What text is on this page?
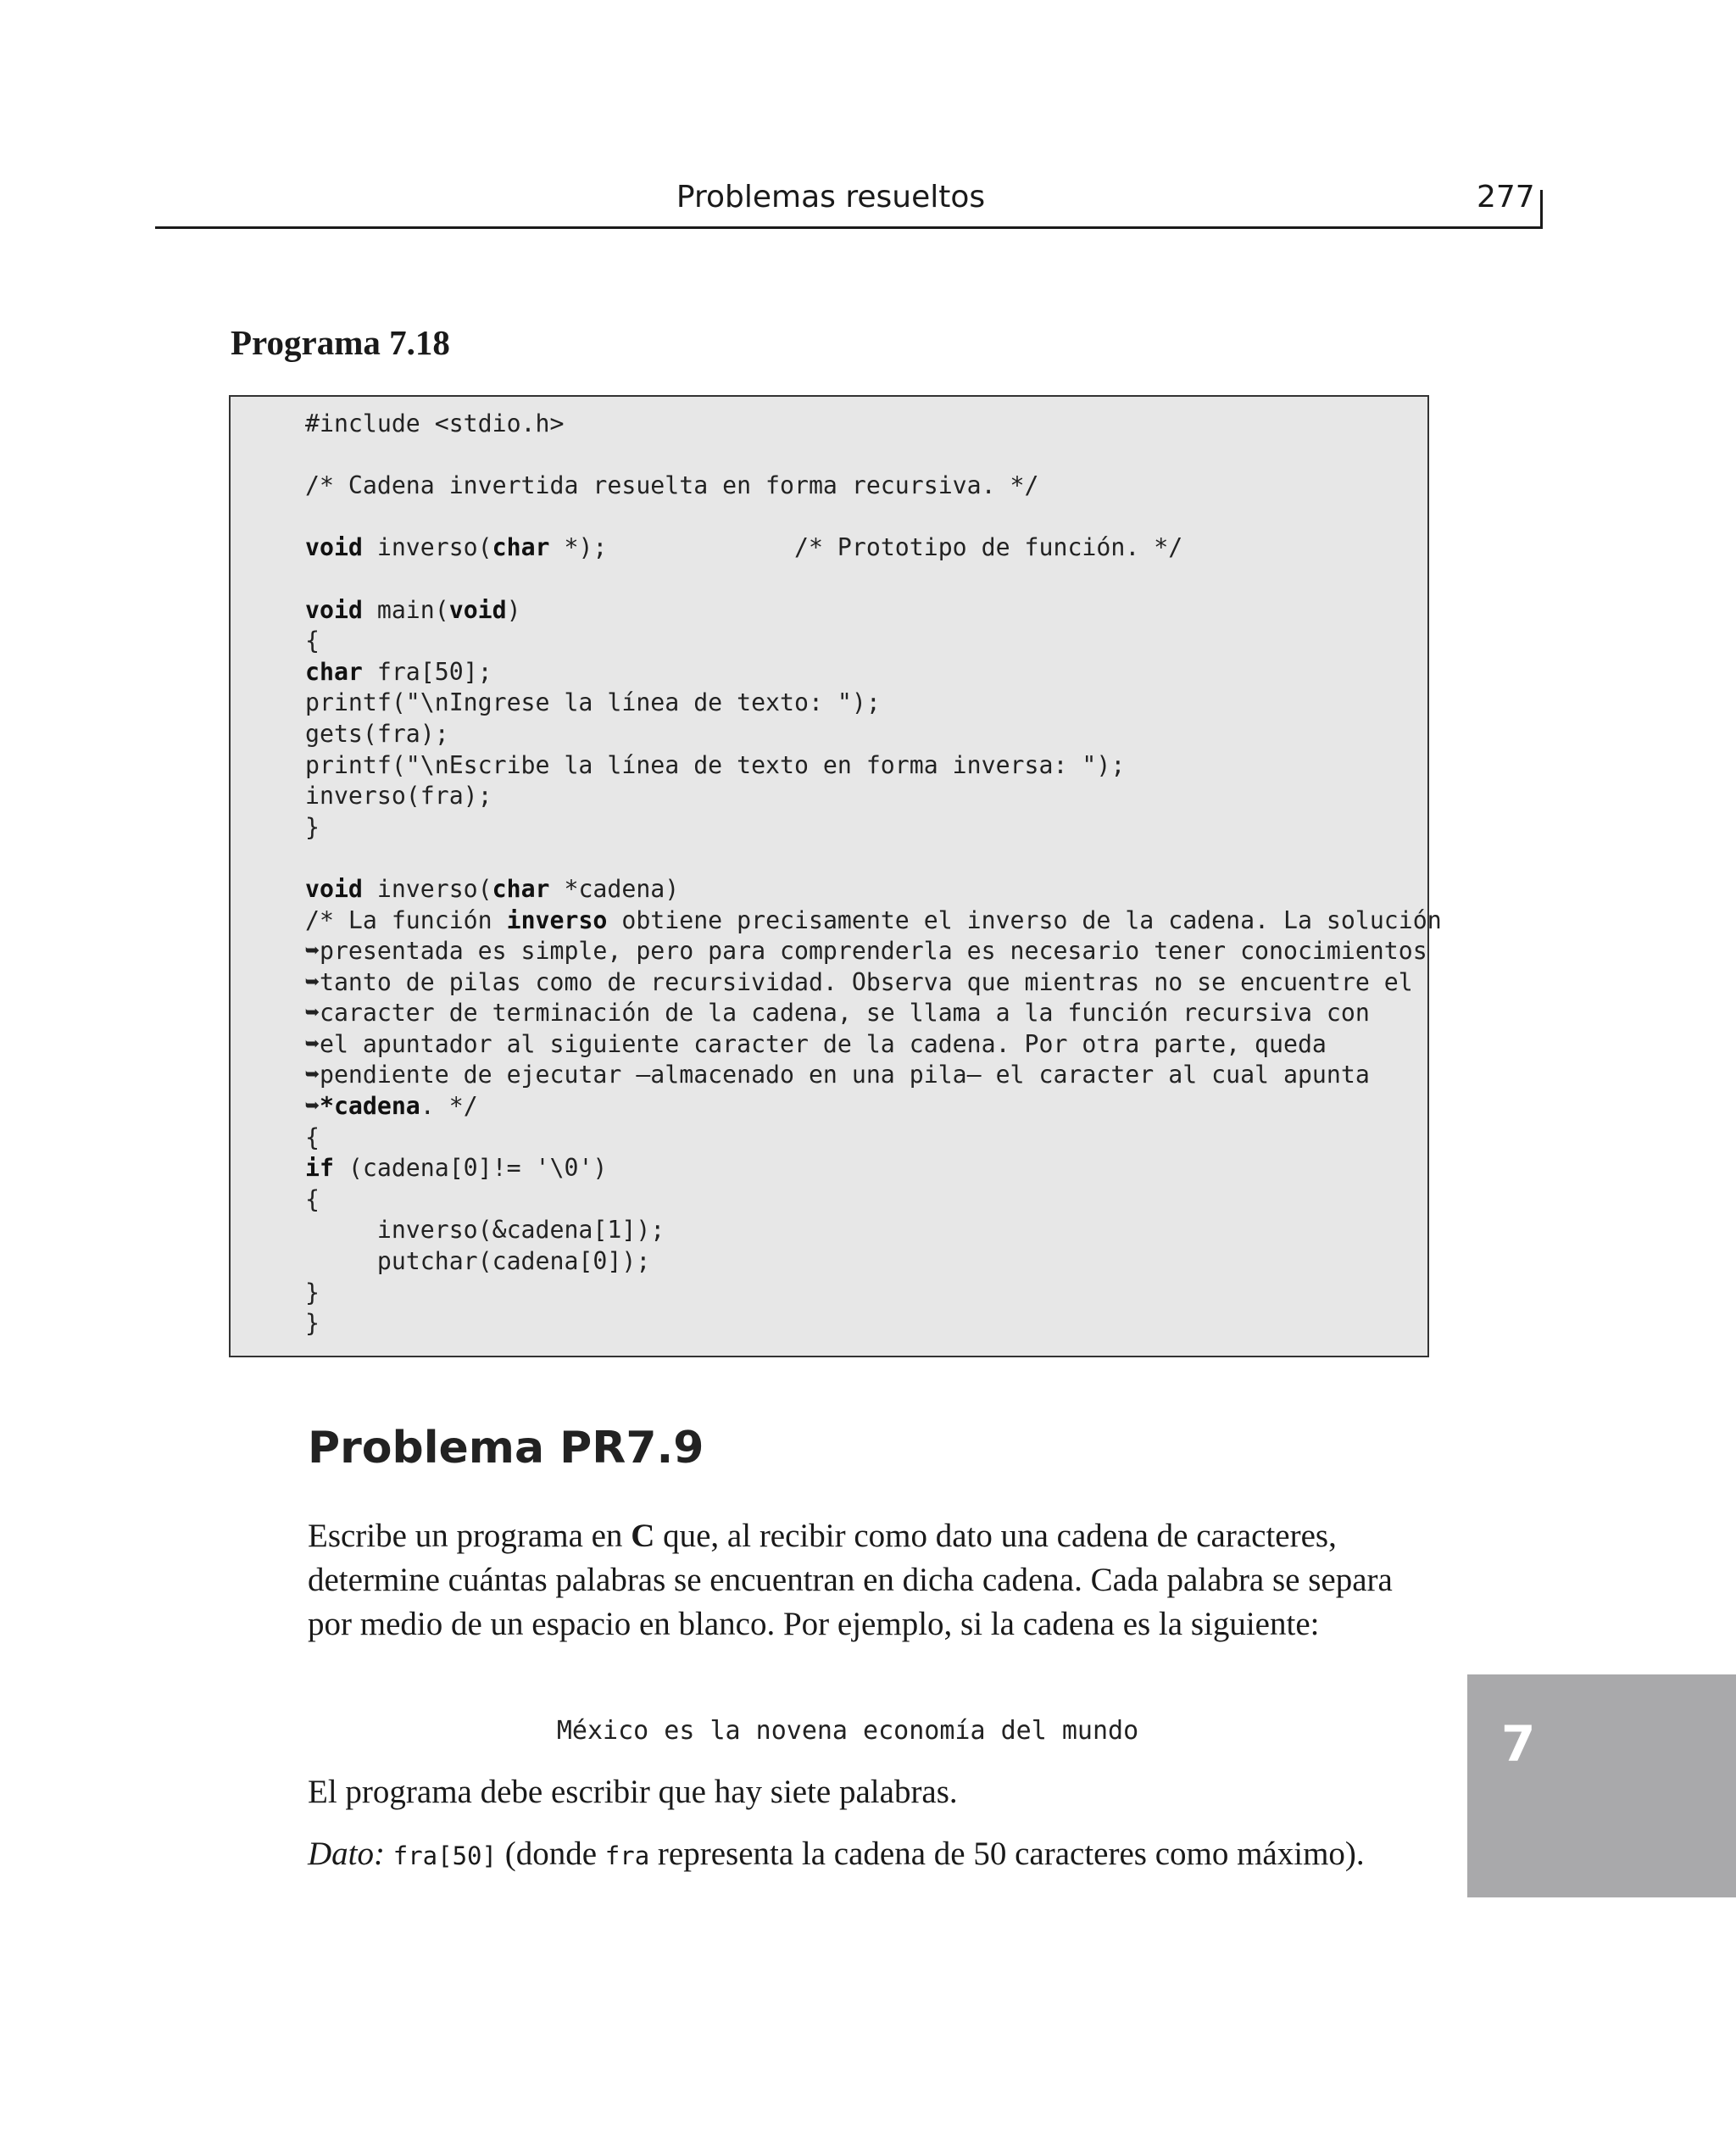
Problemas resueltos	277
Programa 7.18
#include <stdio.h>
/* Cadena invertida resuelta en forma recursiva. */
void inverso(char *);             /* Prototipo de función. */
void main(void)
{
char fra[50];
printf("\nIngrese la línea de texto: ");
gets(fra);
printf("\nEscribe la línea de texto en forma inversa: ");
inverso(fra);
}
void inverso(char *cadena)
/* La función inverso obtiene precisamente el inverso de la cadena. La solución
➥presentada es simple, pero para comprenderla es necesario tener conocimientos
➥tanto de pilas como de recursividad. Observa que mientras no se encuentre el
➥caracter de terminación de la cadena, se llama a la función recursiva con
➥el apuntador al siguiente caracter de la cadena. Por otra parte, queda
➥pendiente de ejecutar —almacenado en una pila— el caracter al cual apunta
➥*cadena. */
{
if (cadena[0]!= '\0')
{
inverso(&cadena[1]);
putchar(cadena[0]);
}
}
Problema PR7.9
Escribe un programa en C que, al recibir como dato una cadena de caracteres, determine cuántas palabras se encuentran en dicha cadena. Cada palabra se separa por medio de un espacio en blanco. Por ejemplo, si la cadena es la siguiente:
México es la novena economía del mundo
El programa debe escribir que hay siete palabras.
Dato: fra[50] (donde fra representa la cadena de 50 caracteres como máximo).
7
